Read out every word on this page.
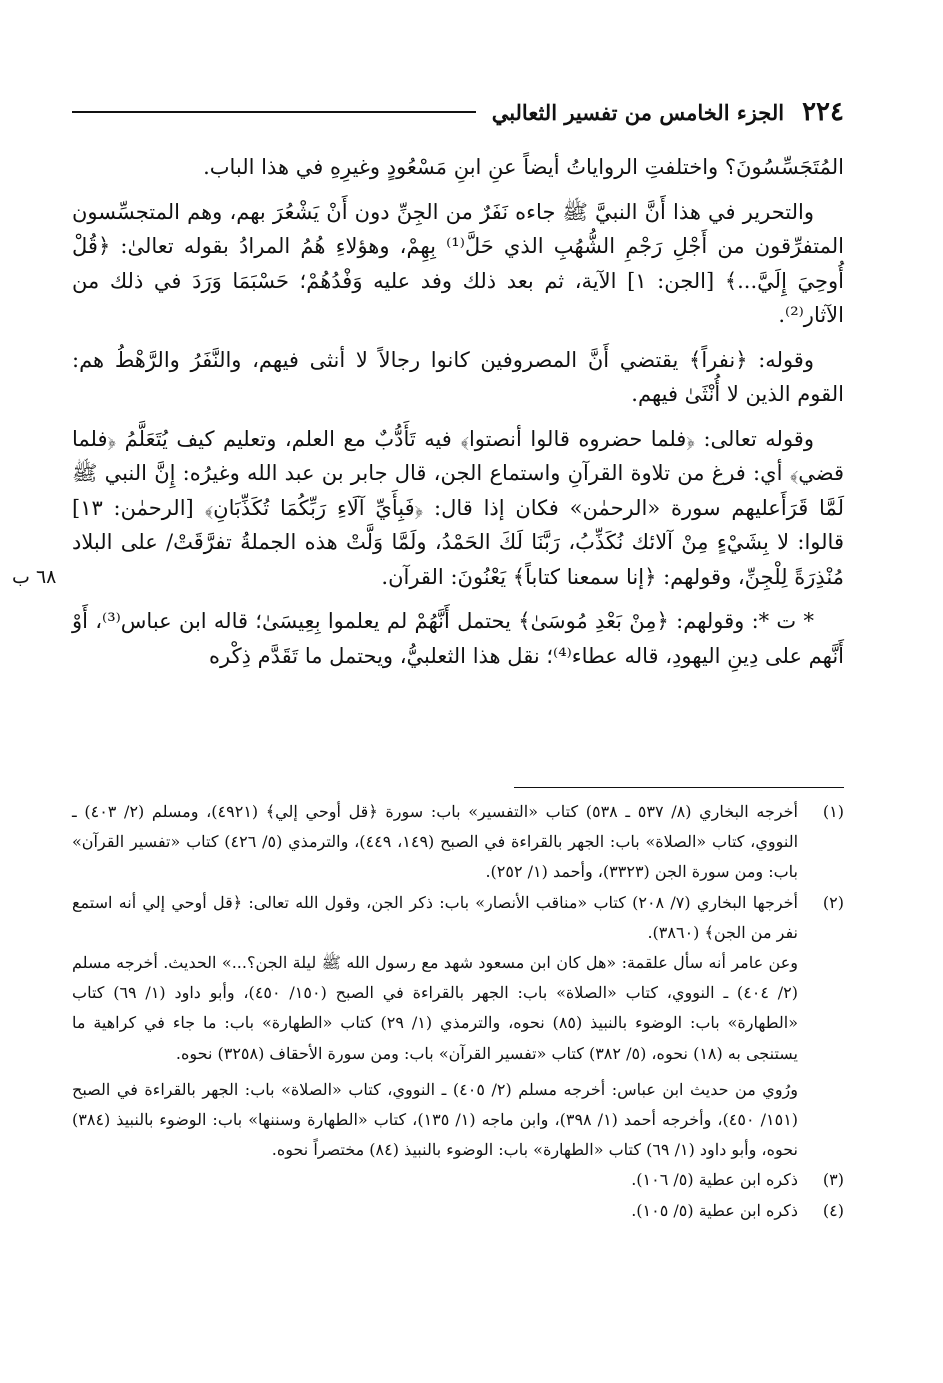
٢٢٤
الجزء الخامس من تفسير الثعالبي

المُتَجَسِّسُونَ؟ واختلفتِ الرواياتُ أيضاً عنِ ابنِ مَسْعُودٍ وغيرِهِ في هذا الباب.

والتحرير في هذا أَنَّ النبيَّ ﷺ جاءه نَفَرٌ من الجِنِّ دون أَنْ يَشْعُرَ بهم، وهم المتجسِّسون المتفرِّقون من أَجْلِ رَجْمِ الشُّهُبِ الذي حَلَّ⁽¹⁾ بِهِمْ، وهؤلاءِ هُمُ المرادُ بقوله تعالىٰ: ﴿قُلْ أُوحِيَ إِلَيَّ...﴾ [الجن: ١] الآية، ثم بعد ذلك وفد عليه وَفْدُهُمْ؛ حَسْبَمَا وَرَدَ في ذلك من الآثار⁽²⁾.

وقوله: ﴿نفراً﴾ يقتضي أَنَّ المصروفين كانوا رجالاً لا أنثى فيهم، والنَّفَرُ والرَّهْطُ هم: القوم الذين لا أُنْثَىٰ فيهم.

وقوله تعالى: ﴿فلما حضروه قالوا أنصتوا﴾ فيه تَأَدُّبٌ مع العلم، وتعليم كيف يُتَعَلَّمُ ﴿فلما قضي﴾ أي: فرغ من تلاوة القرآنِ واستماع الجن، قال جابر بن عبد الله وغيرُه: إِنَّ النبي ﷺ لَمَّا قَرَأَعليهم سورة «الرحمٰن» فكان إذا قال: ﴿فَبِأَيِّ آلَاءِ رَبِّكُمَا تُكَذِّبَانِ﴾ [الرحمٰن: ١٣] قالوا: لا بِشَيْءٍ مِنْ آلائك نُكَذِّبُ، رَبَّنَا لَكَ الحَمْدُ، ولَمَّا وَلَّتْ هذه الجملةُ تفرَّقَتْ/ على البلاد مُنْذِرَةً لِلْجِنِّ، وقولهم: ﴿إنا سمعنا كتاباً﴾ يَعْنُونَ: القرآن.
٦٨ ب

* ت *: وقولهم: ﴿مِنْ بَعْدِ مُوسَىٰ﴾ يحتمل أَنَّهُمْ لم يعلموا بِعِيسَىٰ؛ قاله ابن عباس⁽³⁾، أَوْ أَنَّهم على دِينِ اليهودِ، قاله عطاء⁽⁴⁾؛ نقل هذا الثعلبيُّ، ويحتمل ما تَقَدَّم ذِكْره

(١)
أخرجه البخاري (٨/ ٥٣٧ ـ ٥٣٨) كتاب «التفسير» باب: سورة ﴿قل أوحي إلي﴾ (٤٩٢١)، ومسلم (٢/ ٤٠٣) ـ النووي، كتاب «الصلاة» باب: الجهر بالقراءة في الصبح (١٤٩، ٤٤٩)، والترمذي (٥/ ٤٢٦) كتاب «تفسير القرآن» باب: ومن سورة الجن (٣٣٢٣)، وأحمد (١/ ٢٥٢).
(٢)
أخرجها البخاري (٧/ ٢٠٨) كتاب «مناقب الأنصار» باب: ذكر الجن، وقول الله تعالى: ﴿قل أوحي إلي أنه استمع نفر من الجن﴾ (٣٨٦٠).
وعن عامر أنه سأل علقمة: «هل كان ابن مسعود شهد مع رسول الله ﷺ ليلة الجن؟...» الحديث. أخرجه مسلم (٢/ ٤٠٤) ـ النووي، كتاب «الصلاة» باب: الجهر بالقراءة في الصبح (١٥٠/ ٤٥٠)، وأبو داود (١/ ٦٩) كتاب «الطهارة» باب: الوضوء بالنبيذ (٨٥) نحوه، والترمذي (١/ ٢٩) كتاب «الطهارة» باب: ما جاء في كراهية ما يستنجى به (١٨) نحوه، (٥/ ٣٨٢) كتاب «تفسير القرآن» باب: ومن سورة الأحقاف (٣٢٥٨) نحوه.
ورُوي من حديث ابن عباس: أخرجه مسلم (٢/ ٤٠٥) ـ النووي، كتاب «الصلاة» باب: الجهر بالقراءة في الصبح (١٥١/ ٤٥٠)، وأخرجه أحمد (١/ ٣٩٨)، وابن ماجه (١/ ١٣٥)، كتاب «الطهارة وسننها» باب: الوضوء بالنبيذ (٣٨٤) نحوه، وأبو داود (١/ ٦٩) كتاب «الطهارة» باب: الوضوء بالنبيذ (٨٤) مختصراً نحوه.
(٣)
ذكره ابن عطية (٥/ ١٠٦).
(٤)
ذكره ابن عطية (٥/ ١٠٥).
